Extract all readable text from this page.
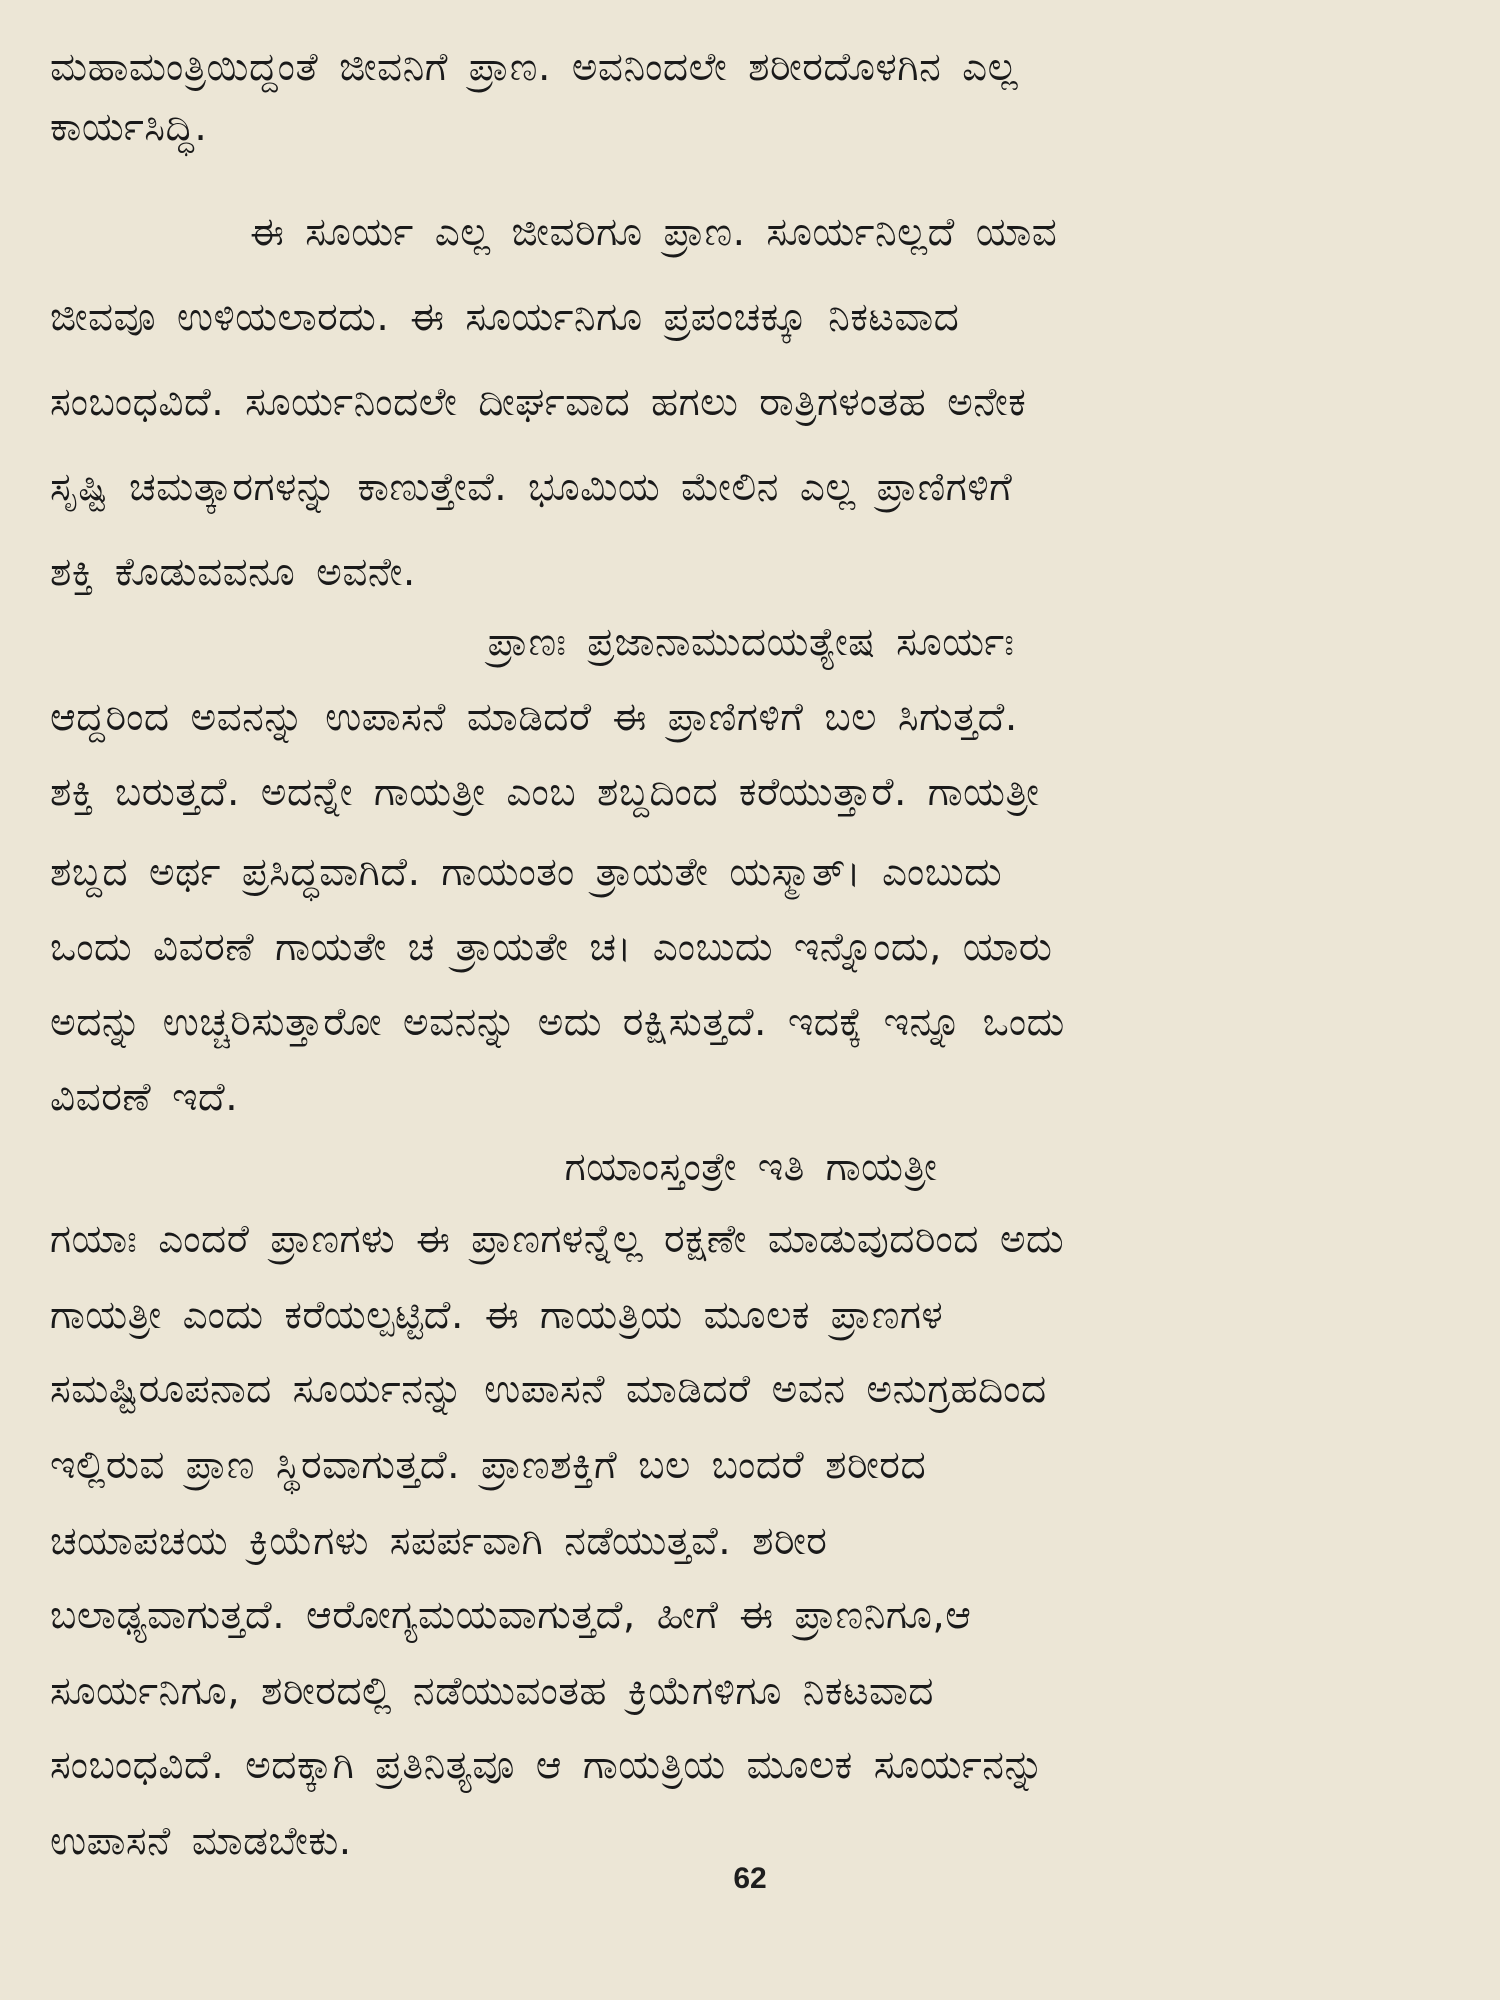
ಮಹಾಮಂತ್ರಿಯಿದ್ದಂತೆ ಜೀವನಿಗೆ ಪ್ರಾಣ. ಅವನಿಂದಲೇ ಶರೀರದೊಳಗಿನ ಎಲ್ಲ
ಕಾರ್ಯಸಿದ್ಧಿ.
ಈ ಸೂರ್ಯ ಎಲ್ಲ ಜೀವರಿಗೂ ಪ್ರಾಣ. ಸೂರ್ಯನಿಲ್ಲದೆ ಯಾವ
ಜೀವವೂ ಉಳಿಯಲಾರದು. ಈ ಸೂರ್ಯನಿಗೂ ಪ್ರಪಂಚಕ್ಕೂ ನಿಕಟವಾದ
ಸಂಬಂಧವಿದೆ. ಸೂರ್ಯನಿಂದಲೇ ದೀರ್ಘವಾದ ಹಗಲು ರಾತ್ರಿಗಳಂತಹ ಅನೇಕ
ಸೃಷ್ಟಿ ಚಮತ್ಕಾರಗಳನ್ನು ಕಾಣುತ್ತೇವೆ. ಭೂಮಿಯ ಮೇಲಿನ ಎಲ್ಲ ಪ್ರಾಣಿಗಳಿಗೆ
ಶಕ್ತಿ ಕೊಡುವವನೂ ಅವನೇ.
ಪ್ರಾಣಃ ಪ್ರಜಾನಾಮುದಯತ್ಯೇಷ ಸೂರ್ಯಃ
ಆದ್ದರಿಂದ ಅವನನ್ನು ಉಪಾಸನೆ ಮಾಡಿದರೆ ಈ ಪ್ರಾಣಿಗಳಿಗೆ ಬಲ ಸಿಗುತ್ತದೆ.
ಶಕ್ತಿ ಬರುತ್ತದೆ. ಅದನ್ನೇ ಗಾಯತ್ರೀ ಎಂಬ ಶಬ್ದದಿಂದ ಕರೆಯುತ್ತಾರೆ. ಗಾಯತ್ರೀ
ಶಬ್ದದ ಅರ್ಥ ಪ್ರಸಿದ್ಧವಾಗಿದೆ. ಗಾಯಂತಂ ತ್ರಾಯತೇ ಯಸ್ಮಾತ್। ಎಂಬುದು
ಒಂದು ವಿವರಣೆ ಗಾಯತೇ ಚ ತ್ರಾಯತೇ ಚ। ಎಂಬುದು ಇನ್ನೊಂದು, ಯಾರು
ಅದನ್ನು ಉಚ್ಚರಿಸುತ್ತಾರೋ ಅವನನ್ನು ಅದು ರಕ್ಷಿಸುತ್ತದೆ. ಇದಕ್ಕೆ ಇನ್ನೂ ಒಂದು
ವಿವರಣೆ ಇದೆ.
ಗಯಾಂಸ್ತಂತ್ರೇ ಇತಿ ಗಾಯತ್ರೀ
ಗಯಾಃ ಎಂದರೆ ಪ್ರಾಣಗಳು ಈ ಪ್ರಾಣಗಳನ್ನೆಲ್ಲ ರಕ್ಷಣೇ ಮಾಡುವುದರಿಂದ ಅದು
ಗಾಯತ್ರೀ ಎಂದು ಕರೆಯಲ್ಪಟ್ಟಿದೆ. ಈ ಗಾಯತ್ರಿಯ ಮೂಲಕ ಪ್ರಾಣಗಳ
ಸಮಷ್ಟಿರೂಪನಾದ ಸೂರ್ಯನನ್ನು ಉಪಾಸನೆ ಮಾಡಿದರೆ ಅವನ ಅನುಗ್ರಹದಿಂದ
ಇಲ್ಲಿರುವ ಪ್ರಾಣ ಸ್ಥಿರವಾಗುತ್ತದೆ. ಪ್ರಾಣಶಕ್ತಿಗೆ ಬಲ ಬಂದರೆ ಶರೀರದ
ಚಯಾಪಚಯ ಕ್ರಿಯೆಗಳು ಸಪರ್ಪವಾಗಿ ನಡೆಯುತ್ತವೆ. ಶರೀರ
ಬಲಾಢ್ಯವಾಗುತ್ತದೆ. ಆರೋಗ್ಯಮಯವಾಗುತ್ತದೆ, ಹೀಗೆ ಈ ಪ್ರಾಣನಿಗೂ,ಆ
ಸೂರ್ಯನಿಗೂ, ಶರೀರದಲ್ಲಿ ನಡೆಯುವಂತಹ ಕ್ರಿಯೆಗಳಿಗೂ ನಿಕಟವಾದ
ಸಂಬಂಧವಿದೆ. ಅದಕ್ಕಾಗಿ ಪ್ರತಿನಿತ್ಯವೂ ಆ ಗಾಯತ್ರಿಯ ಮೂಲಕ ಸೂರ್ಯನನ್ನು
ಉಪಾಸನೆ ಮಾಡಬೇಕು.
62
